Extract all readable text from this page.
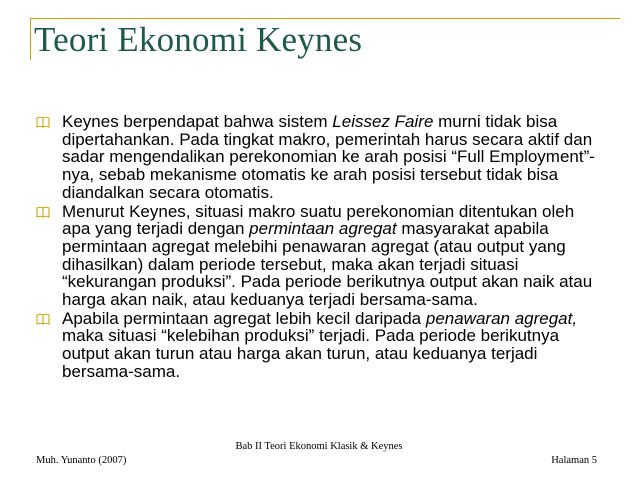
Teori Ekonomi Keynes
Keynes berpendapat bahwa sistem Leissez Faire murni tidak bisa dipertahankan. Pada tingkat makro, pemerintah harus secara aktif dan sadar mengendalikan perekonomian ke arah posisi “Full Employment”-nya, sebab mekanisme otomatis ke arah posisi tersebut tidak bisa diandalkan secara otomatis.
Menurut Keynes, situasi makro suatu perekonomian ditentukan oleh apa yang terjadi dengan permintaan agregat masyarakat apabila permintaan agregat melebihi penawaran agregat (atau output yang dihasilkan) dalam periode tersebut, maka akan terjadi situasi “kekurangan produksi”. Pada periode berikutnya output akan naik atau harga akan naik, atau keduanya terjadi bersama-sama.
Apabila permintaan agregat lebih kecil daripada penawaran agregat, maka situasi “kelebihan produksi” terjadi. Pada periode berikutnya output akan turun atau harga akan turun, atau keduanya terjadi bersama-sama.
Bab II Teori Ekonomi Klasik & Keynes
Muh. Yunanto (2007)	Halaman 5
